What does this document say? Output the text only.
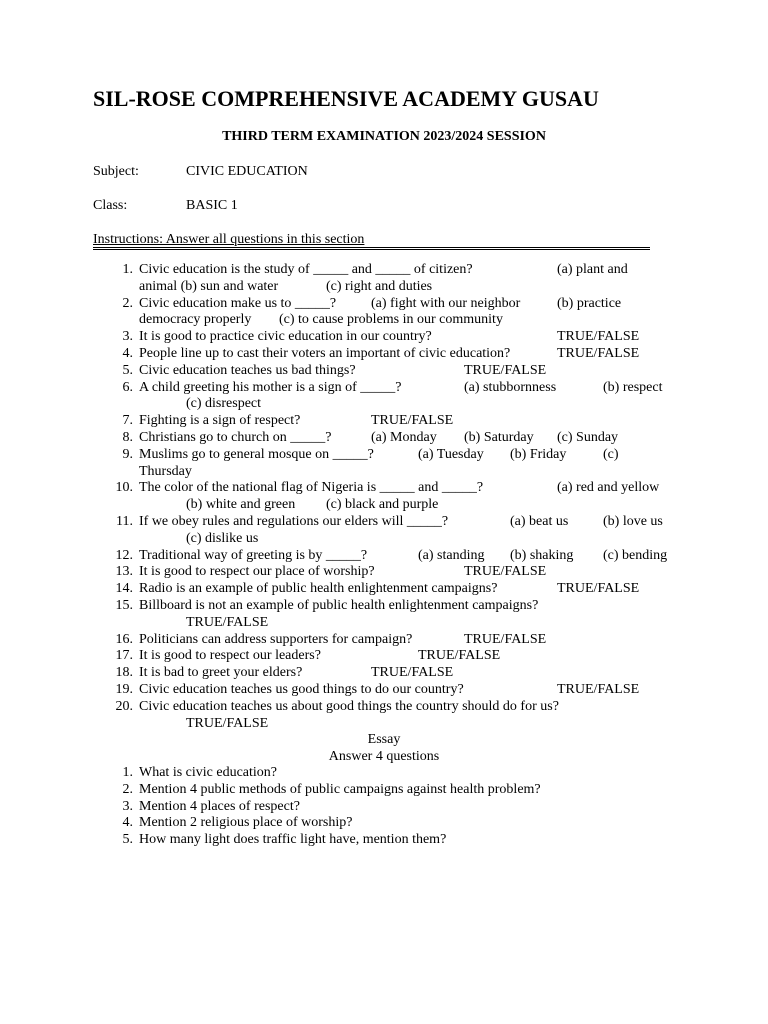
SIL-ROSE COMPREHENSIVE ACADEMY GUSAU
THIRD TERM EXAMINATION 2023/2024 SESSION
Subject:	CIVIC EDUCATION
Class:	BASIC 1
Instructions: Answer all questions in this section
1. Civic education is the study of _____ and _____ of citizen?	(a) plant and
animal (b) sun and water	(c) right and duties
2. Civic education make us to _____? (a) fight with our neighbor	(b) practice
democracy properly (c) to cause problems in our community
3. It is good to practice civic education in our country?	TRUE/FALSE
4. People line up to cast their voters an important of civic education?	TRUE/FALSE
5. Civic education teaches us bad things?	TRUE/FALSE
6. A child greeting his mother is a sign of _____?	(a) stubbornness	(b) respect
(c) disrespect
7. Fighting is a sign of respect?	TRUE/FALSE
8. Christians go to church on _____?	(a) Monday (b) Saturday (c) Sunday
9. Muslims go to general mosque on _____?	(a) Tuesday (b) Friday	(c)
Thursday
10. The color of the national flag of Nigeria is _____ and _____?	(a) red and yellow
(b) white and green (c) black and purple
11. If we obey rules and regulations our elders will _____?	(a) beat us (b) love us
(c) dislike us
12. Traditional way of greeting is by _____?	(a) standing (b) shaking (c) bending
13. It is good to respect our place of worship?	TRUE/FALSE
14. Radio is an example of public health enlightenment campaigns?	TRUE/FALSE
15. Billboard is not an example of public health enlightenment campaigns?
TRUE/FALSE
16. Politicians can address supporters for campaign?	TRUE/FALSE
17. It is good to respect our leaders?	TRUE/FALSE
18. It is bad to greet your elders?	TRUE/FALSE
19. Civic education teaches us good things to do our country?	TRUE/FALSE
20. Civic education teaches us about good things the country should do for us?
TRUE/FALSE
Essay
Answer 4 questions
1. What is civic education?
2. Mention 4 public methods of public campaigns against health problem?
3. Mention 4 places of respect?
4. Mention 2 religious place of worship?
5. How many light does traffic light have, mention them?
